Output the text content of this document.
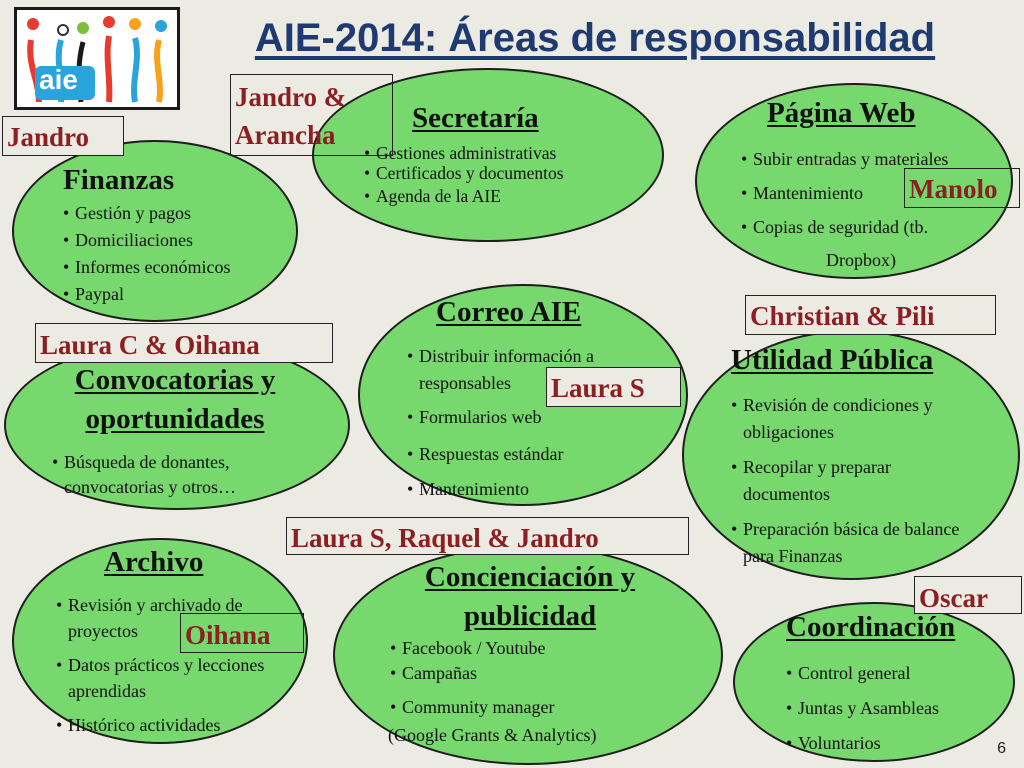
aie
AIE-2014: Áreas de responsabilidad
Secretaría
• Gestiones administrativas
• Certificados y documentos
• Agenda de la AIE
Jandro &
Arancha
Jandro
Finanzas
• Gestión y pagos
• Domiciliaciones
• Informes económicos
• Paypal
Página Web
• Subir entradas y materiales
• Mantenimiento
• Copias de seguridad (tb.
Dropbox)
Manolo
Correo AIE
• Distribuir información a responsables
• Formularios web
• Respuestas estándar
• Mantenimiento
Laura S
Laura C & Oihana
Convocatorias y
oportunidades
• Búsqueda de donantes, convocatorias y otros…
Christian & Pili
Utilidad Pública
• Revisión de condiciones y obligaciones
• Recopilar y preparar documentos
• Preparación básica de balance para Finanzas
Archivo
• Revisión y archivado de proyectos
• Datos prácticos y lecciones aprendidas
• Histórico actividades
Oihana
Laura S, Raquel & Jandro
Concienciación y
publicidad
• Facebook / Youtube
• Campañas
• Community manager
(Google Grants & Analytics)
Oscar
Coordinación
• Control general
• Juntas y Asambleas
• Voluntarios	6
